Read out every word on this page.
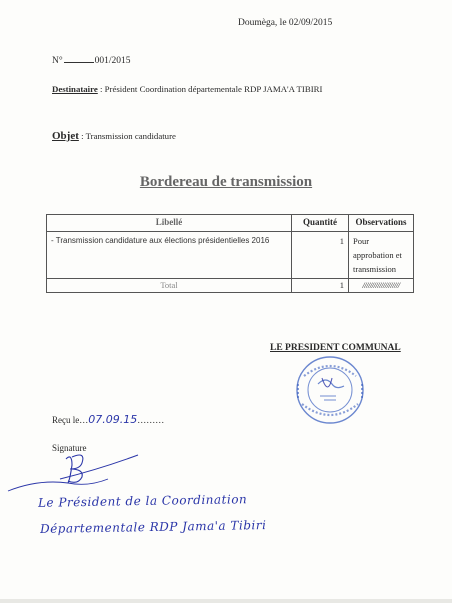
Doumèga, le 02/09/2015
N°	001/2015
Destinataire : Président Coordination départementale RDP JAMA'A TIBIRI
Objet : Transmission candidature
Bordereau de transmission
Libellé	Quantité	Observations
- Transmission candidature aux élections présidentielles 2016	1	Pour approbation et transmission
Total	1	////////////////////
LE PRESIDENT COMMUNAL
Reçu le…07.09.15………
Signature
Le Président de la Coordination
Départementale RDP Jama'a Tibiri
